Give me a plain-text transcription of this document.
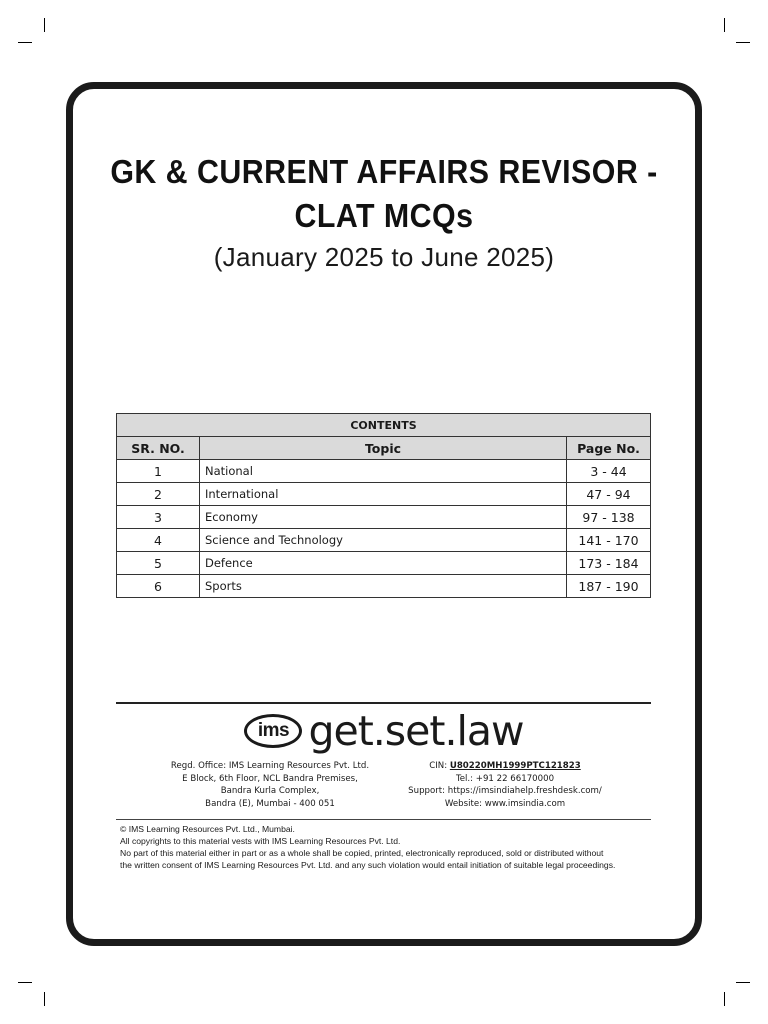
GK & CURRENT AFFAIRS REVISOR -
CLAT MCQs
(January 2025 to June 2025)
CONTENTS		
SR. NO.	Topic	Page No.
1	National	3 - 44
2	International	47 - 94
3	Economy	97 - 138
4	Science and Technology	141 - 170
5	Defence	173 - 184
6	Sports	187 - 190
ims get.set.law
Regd. Office: IMS Learning Resources Pvt. Ltd.
E Block, 6th Floor, NCL Bandra Premises,
Bandra Kurla Complex,
Bandra (E), Mumbai - 400 051
CIN: U80220MH1999PTC121823
Tel.: +91 22 66170000
Support: https://imsindiahelp.freshdesk.com/
Website: www.imsindia.com
© IMS Learning Resources Pvt. Ltd., Mumbai.
All copyrights to this material vests with IMS Learning Resources Pvt. Ltd.
No part of this material either in part or as a whole shall be copied, printed, electronically reproduced, sold or distributed without
the written consent of IMS Learning Resources Pvt. Ltd. and any such violation would entail initiation of suitable legal proceedings.
